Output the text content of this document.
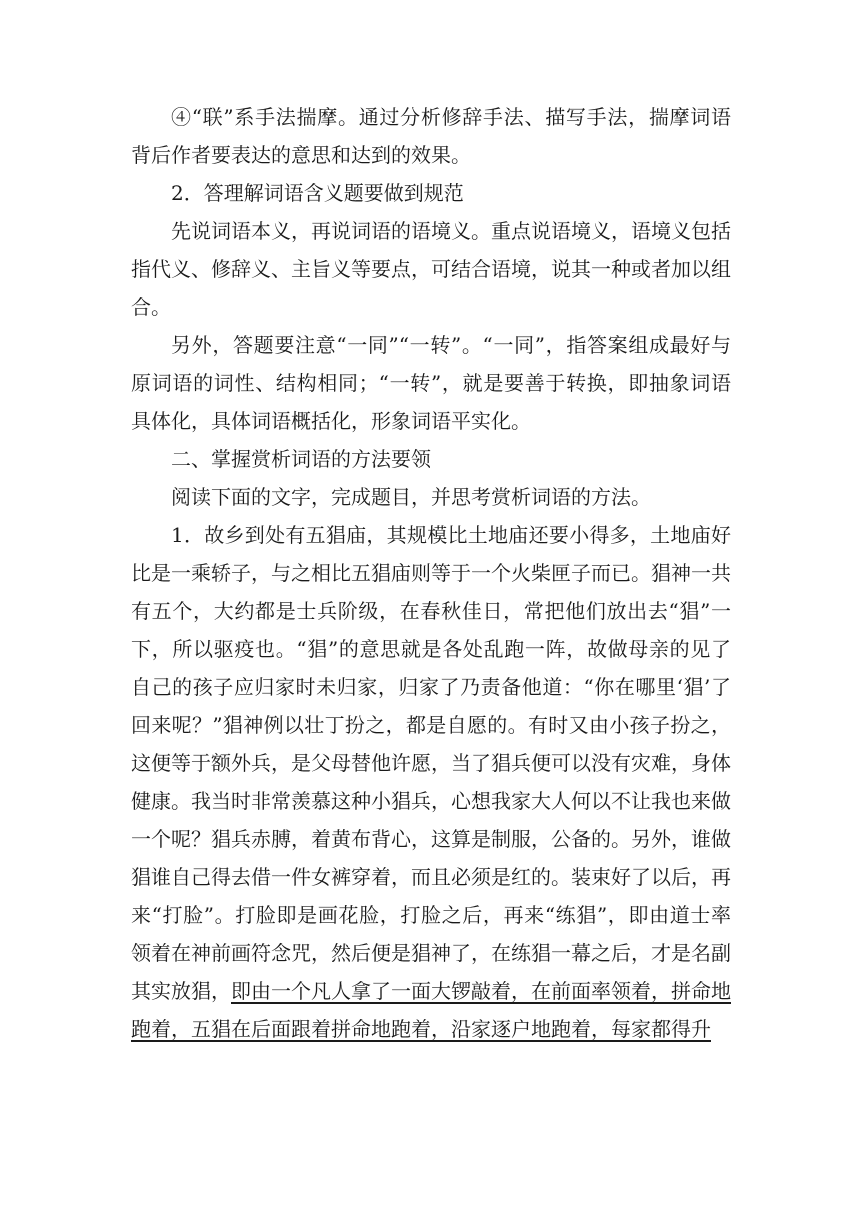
④“联”系手法揣摩。通过分析修辞手法、描写手法，揣摩词语背后作者要表达的意思和达到的效果。

2．答理解词语含义题要做到规范

先说词语本义，再说词语的语境义。重点说语境义，语境义包括指代义、修辞义、主旨义等要点，可结合语境，说其一种或者加以组合。

另外，答题要注意“一同”“一转”。“一同”，指答案组成最好与原词语的词性、结构相同；“一转”，就是要善于转换，即抽象词语具体化，具体词语概括化，形象词语平实化。

二、掌握赏析词语的方法要领

阅读下面的文字，完成题目，并思考赏析词语的方法。

1．故乡到处有五猖庙，其规模比土地庙还要小得多，土地庙好比是一乘轿子，与之相比五猖庙则等于一个火柴匣子而已。猖神一共有五个，大约都是士兵阶级，在春秋佳日，常把他们放出去“猖”一下，所以驱疫也。“猖”的意思就是各处乱跑一阵，故做母亲的见了自己的孩子应归家时未归家，归家了乃责备他道：“你在哪里‘猖’了回来呢？”猖神例以壮丁扮之，都是自愿的。有时又由小孩子扮之，这便等于额外兵，是父母替他许愿，当了猖兵便可以没有灾难，身体健康。我当时非常羡慕这种小猖兵，心想我家大人何以不让我也来做一个呢？猖兵赤膊，着黄布背心，这算是制服，公备的。另外，谁做猖谁自己得去借一件女裤穿着，而且必须是红的。装束好了以后，再来“打脸”。打脸即是画花脸，打脸之后，再来“练猖”，即由道士率领着在神前画符念咒，然后便是猖神了，在练猖一幕之后，才是名副其实放猖，即由一个凡人拿了一面大锣敲着，在前面率领着，拼命地跑着，五猖在后面跟着拼命地跑着，沿家逐户地跑着，每家都得升
